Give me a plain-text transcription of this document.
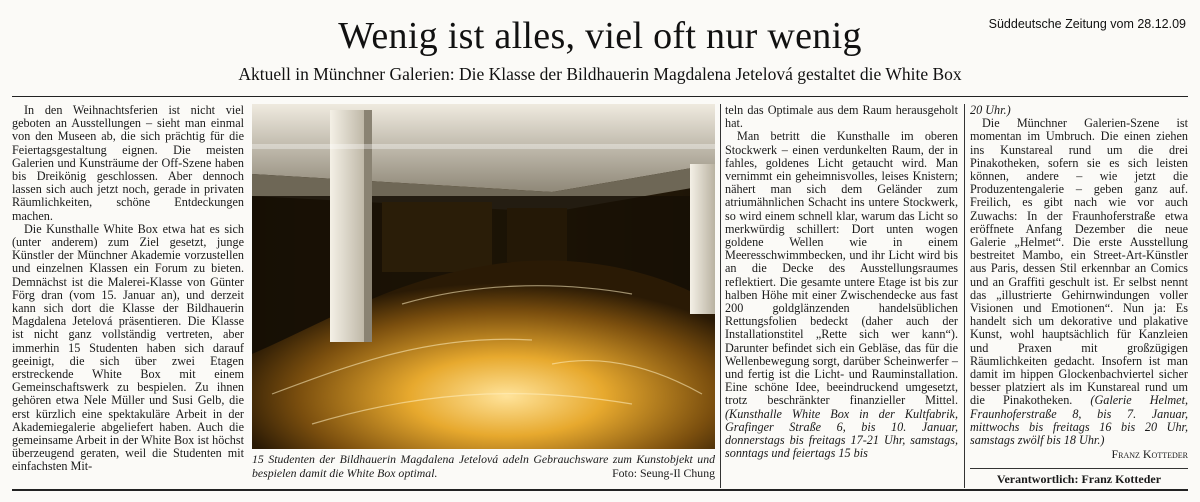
Süddeutsche Zeitung vom 28.12.09
Wenig ist alles, viel oft nur wenig
Aktuell in Münchner Galerien: Die Klasse der Bildhauerin Magdalena Jetelová gestaltet die White Box

In den Weihnachtsferien ist nicht viel geboten an Ausstellungen – sieht man einmal von den Museen ab, die sich prächtig für die Feiertagsgestaltung eignen. Die meisten Galerien und Kunsträume der Off-Szene haben bis Dreikönig geschlossen. Aber dennoch lassen sich auch jetzt noch, gerade in privaten Räumlichkeiten, schöne Entdeckungen machen.

Die Kunsthalle White Box etwa hat es sich (unter anderem) zum Ziel gesetzt, junge Künstler der Münchner Akademie vorzustellen und einzelnen Klassen ein Forum zu bieten. Demnächst ist die Malerei-Klasse von Günter Förg dran (vom 15. Januar an), und derzeit kann sich dort die Klasse der Bildhauerin Magdalena Jetelová präsentieren. Die Klasse ist nicht ganz vollständig vertreten, aber immerhin 15 Studenten haben sich darauf geeinigt, die sich über zwei Etagen erstreckende White Box mit einem Gemeinschaftswerk zu bespielen. Zu ihnen gehören etwa Nele Müller und Susi Gelb, die erst kürzlich eine spektakuläre Arbeit in der Akademiegalerie abgeliefert haben. Auch die gemeinsame Arbeit in der White Box ist höchst überzeugend geraten, weil die Studenten mit einfachsten Mit-

15 Studenten der Bildhauerin Magdalena Jetelová adeln Gebrauchsware zum Kunstobjekt und bespielen damit die White Box optimal.	Foto: Seung-Il Chung

teln das Optimale aus dem Raum herausgeholt hat.

Man betritt die Kunsthalle im oberen Stockwerk – einen verdunkelten Raum, der in fahles, goldenes Licht getaucht wird. Man vernimmt ein geheimnisvolles, leises Knistern; nähert man sich dem Geländer zum atriumähnlichen Schacht ins untere Stockwerk, so wird einem schnell klar, warum das Licht so merkwürdig schillert: Dort unten wogen goldene Wellen wie in einem Meeresschwimmbecken, und ihr Licht wird bis an die Decke des Ausstellungsraumes reflektiert. Die gesamte untere Etage ist bis zur halben Höhe mit einer Zwischendecke aus fast 200 goldglänzenden handelsüblichen Rettungsfolien bedeckt (daher auch der Installationstitel „Rette sich wer kann“). Darunter befindet sich ein Gebläse, das für die Wellenbewegung sorgt, darüber Scheinwerfer – und fertig ist die Licht- und Rauminstallation. Eine schöne Idee, beeindruckend umgesetzt, trotz beschränkter finanzieller Mittel. (Kunsthalle White Box in der Kultfabrik, Grafinger Straße 6, bis 10. Januar, donnerstags bis freitags 17-21 Uhr, samstags, sonntags und feiertags 15 bis

20 Uhr.)

Die Münchner Galerien-Szene ist momentan im Umbruch. Die einen ziehen ins Kunstareal rund um die drei Pinakotheken, sofern sie es sich leisten können, andere – wie jetzt die Produzentengalerie – geben ganz auf. Freilich, es gibt nach wie vor auch Zuwachs: In der Fraunhoferstraße etwa eröffnete Anfang Dezember die neue Galerie „Helmet“. Die erste Ausstellung bestreitet Mambo, ein Street-Art-Künstler aus Paris, dessen Stil erkennbar an Comics und an Graffiti geschult ist. Er selbst nennt das „illustrierte Gehirnwindungen voller Visionen und Emotionen“. Nun ja: Es handelt sich um dekorative und plakative Kunst, wohl hauptsächlich für Kanzleien und Praxen mit großzügigen Räumlichkeiten gedacht. Insofern ist man damit im hippen Glockenbachviertel sicher besser platziert als im Kunstareal rund um die Pinakotheken. (Galerie Helmet, Fraunhoferstraße 8, bis 7. Januar, mittwochs bis freitags 16 bis 20 Uhr, samstags zwölf bis 18 Uhr.)

Franz Kotteder
Verantwortlich: Franz Kotteder
